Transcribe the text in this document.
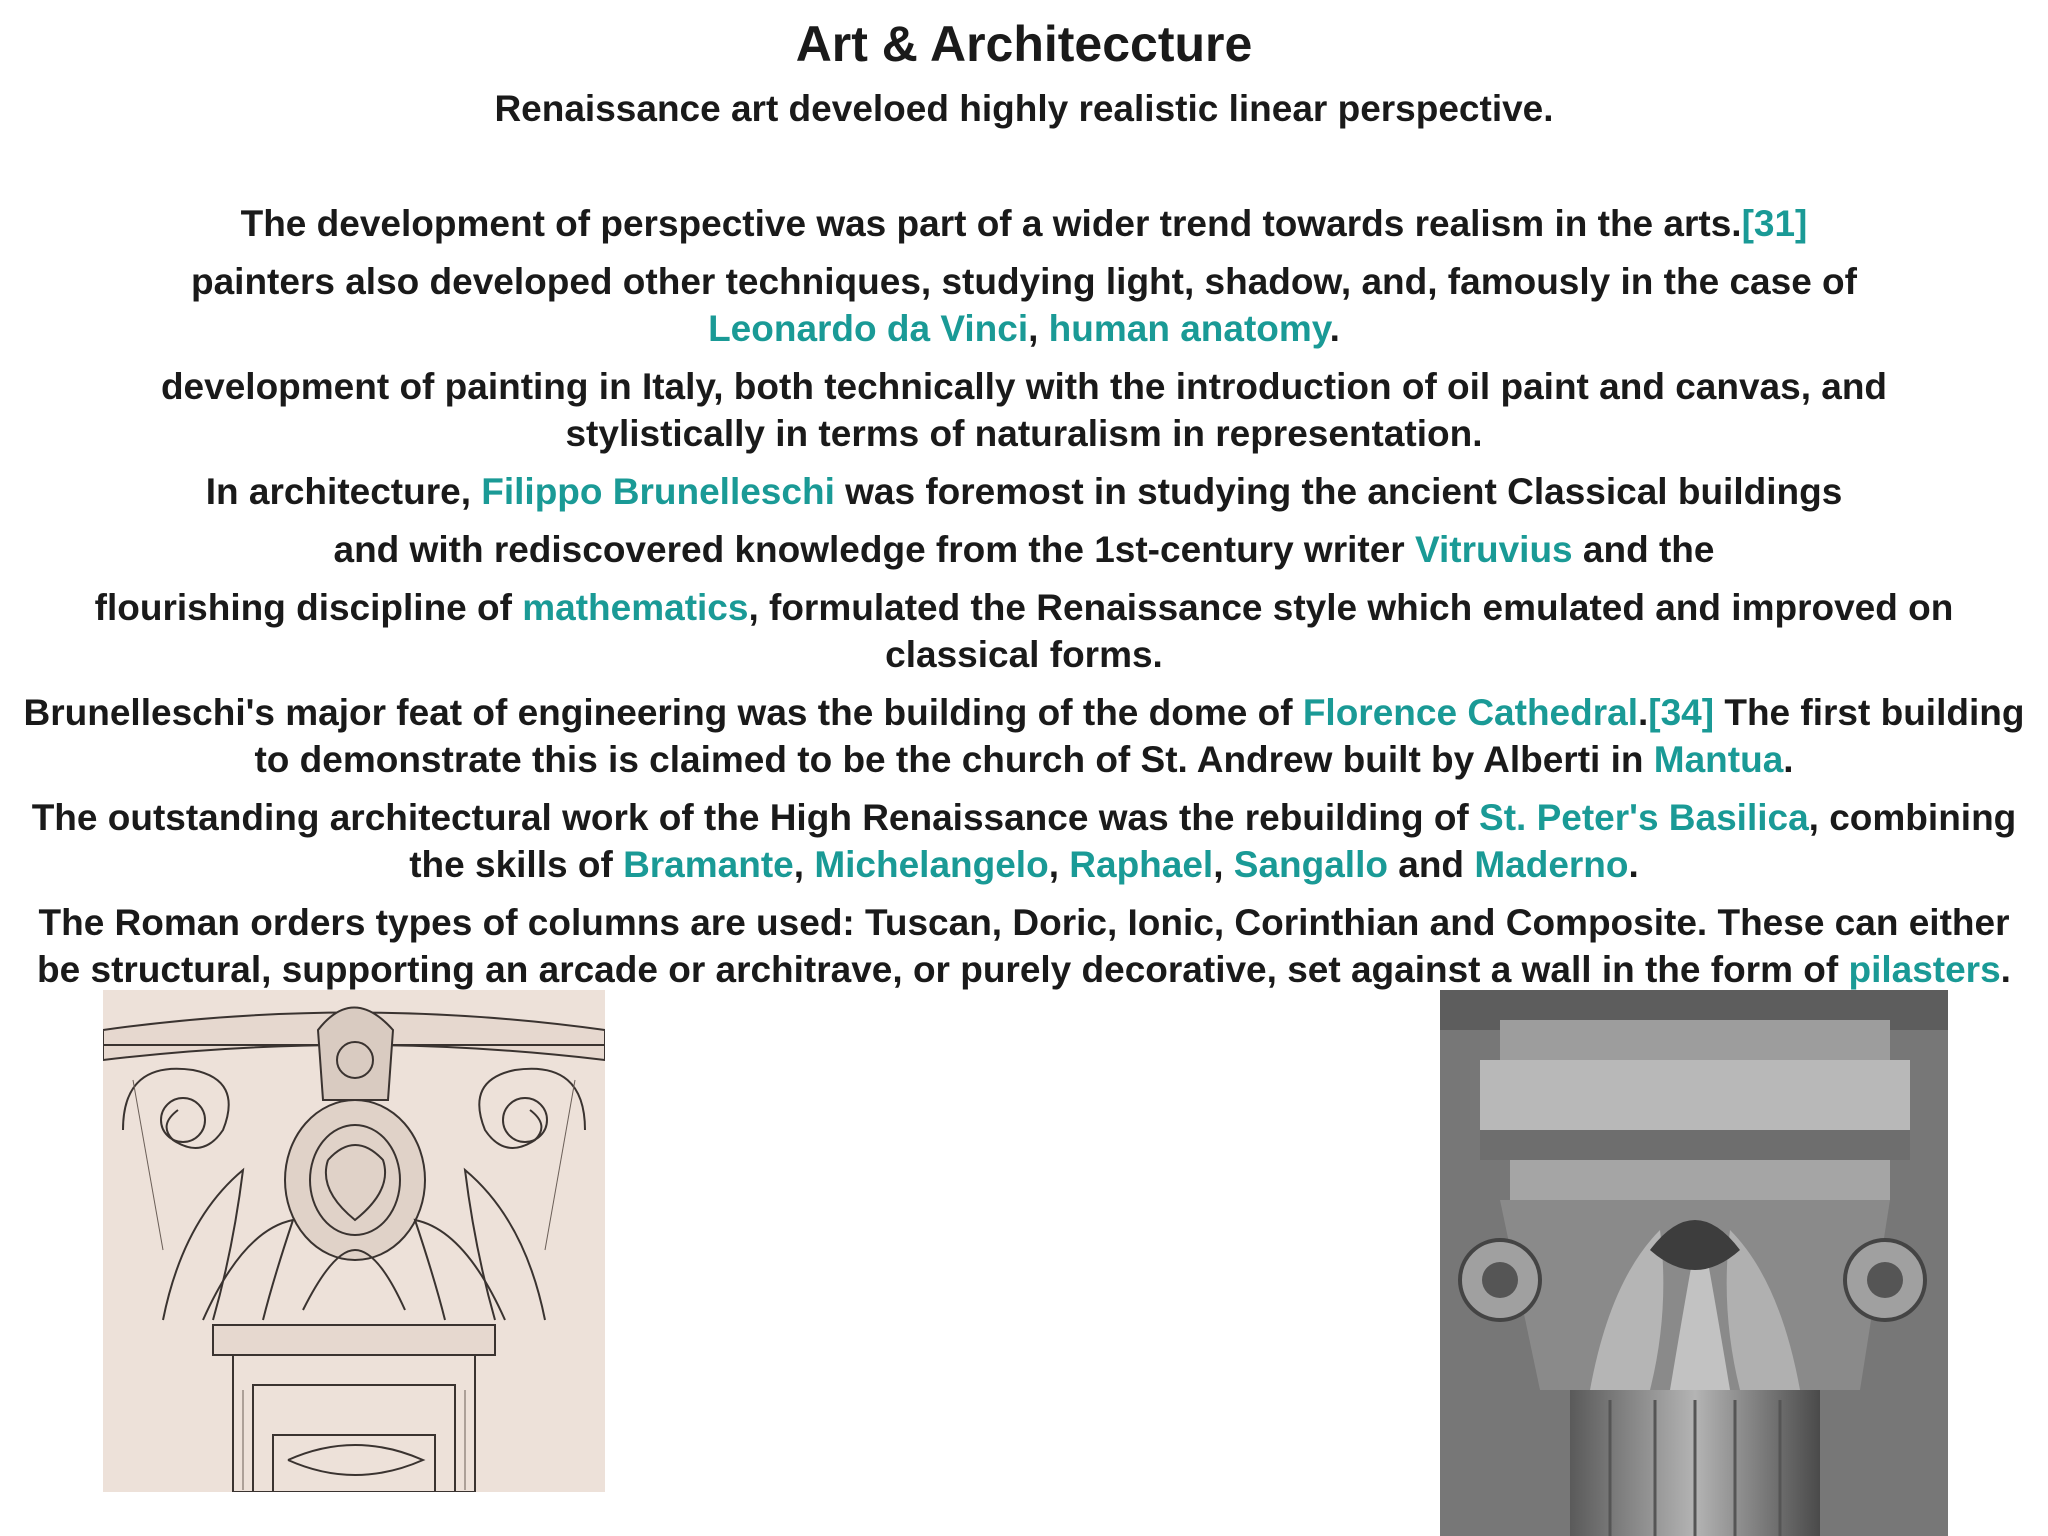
Art & Architeccture
Renaissance art develoed highly realistic linear perspective.

The development of perspective was part of a wider trend towards realism in the arts.[31]

painters also developed other techniques, studying light, shadow, and, famously in the case of
Leonardo da Vinci, human anatomy.

development of painting in Italy, both technically with the introduction of oil paint and canvas, and stylistically in terms of naturalism in representation.

In architecture, Filippo Brunelleschi was foremost in studying the ancient Classical buildings

and with rediscovered knowledge from the 1st-century writer Vitruvius and the

flourishing discipline of mathematics, formulated the Renaissance style which emulated and improved on classical forms.

Brunelleschi's major feat of engineering was the building of the dome of Florence Cathedral.[34] The first building to demonstrate this is claimed to be the church of St. Andrew built by Alberti in Mantua.

The outstanding architectural work of the High Renaissance was the rebuilding of St. Peter's Basilica, combining the skills of Bramante, Michelangelo, Raphael, Sangallo and Maderno.

The Roman orders types of columns are used: Tuscan, Doric, Ionic, Corinthian and Composite. These can either be structural, supporting an arcade or architrave, or purely decorative, set against a wall in the form of pilasters.
